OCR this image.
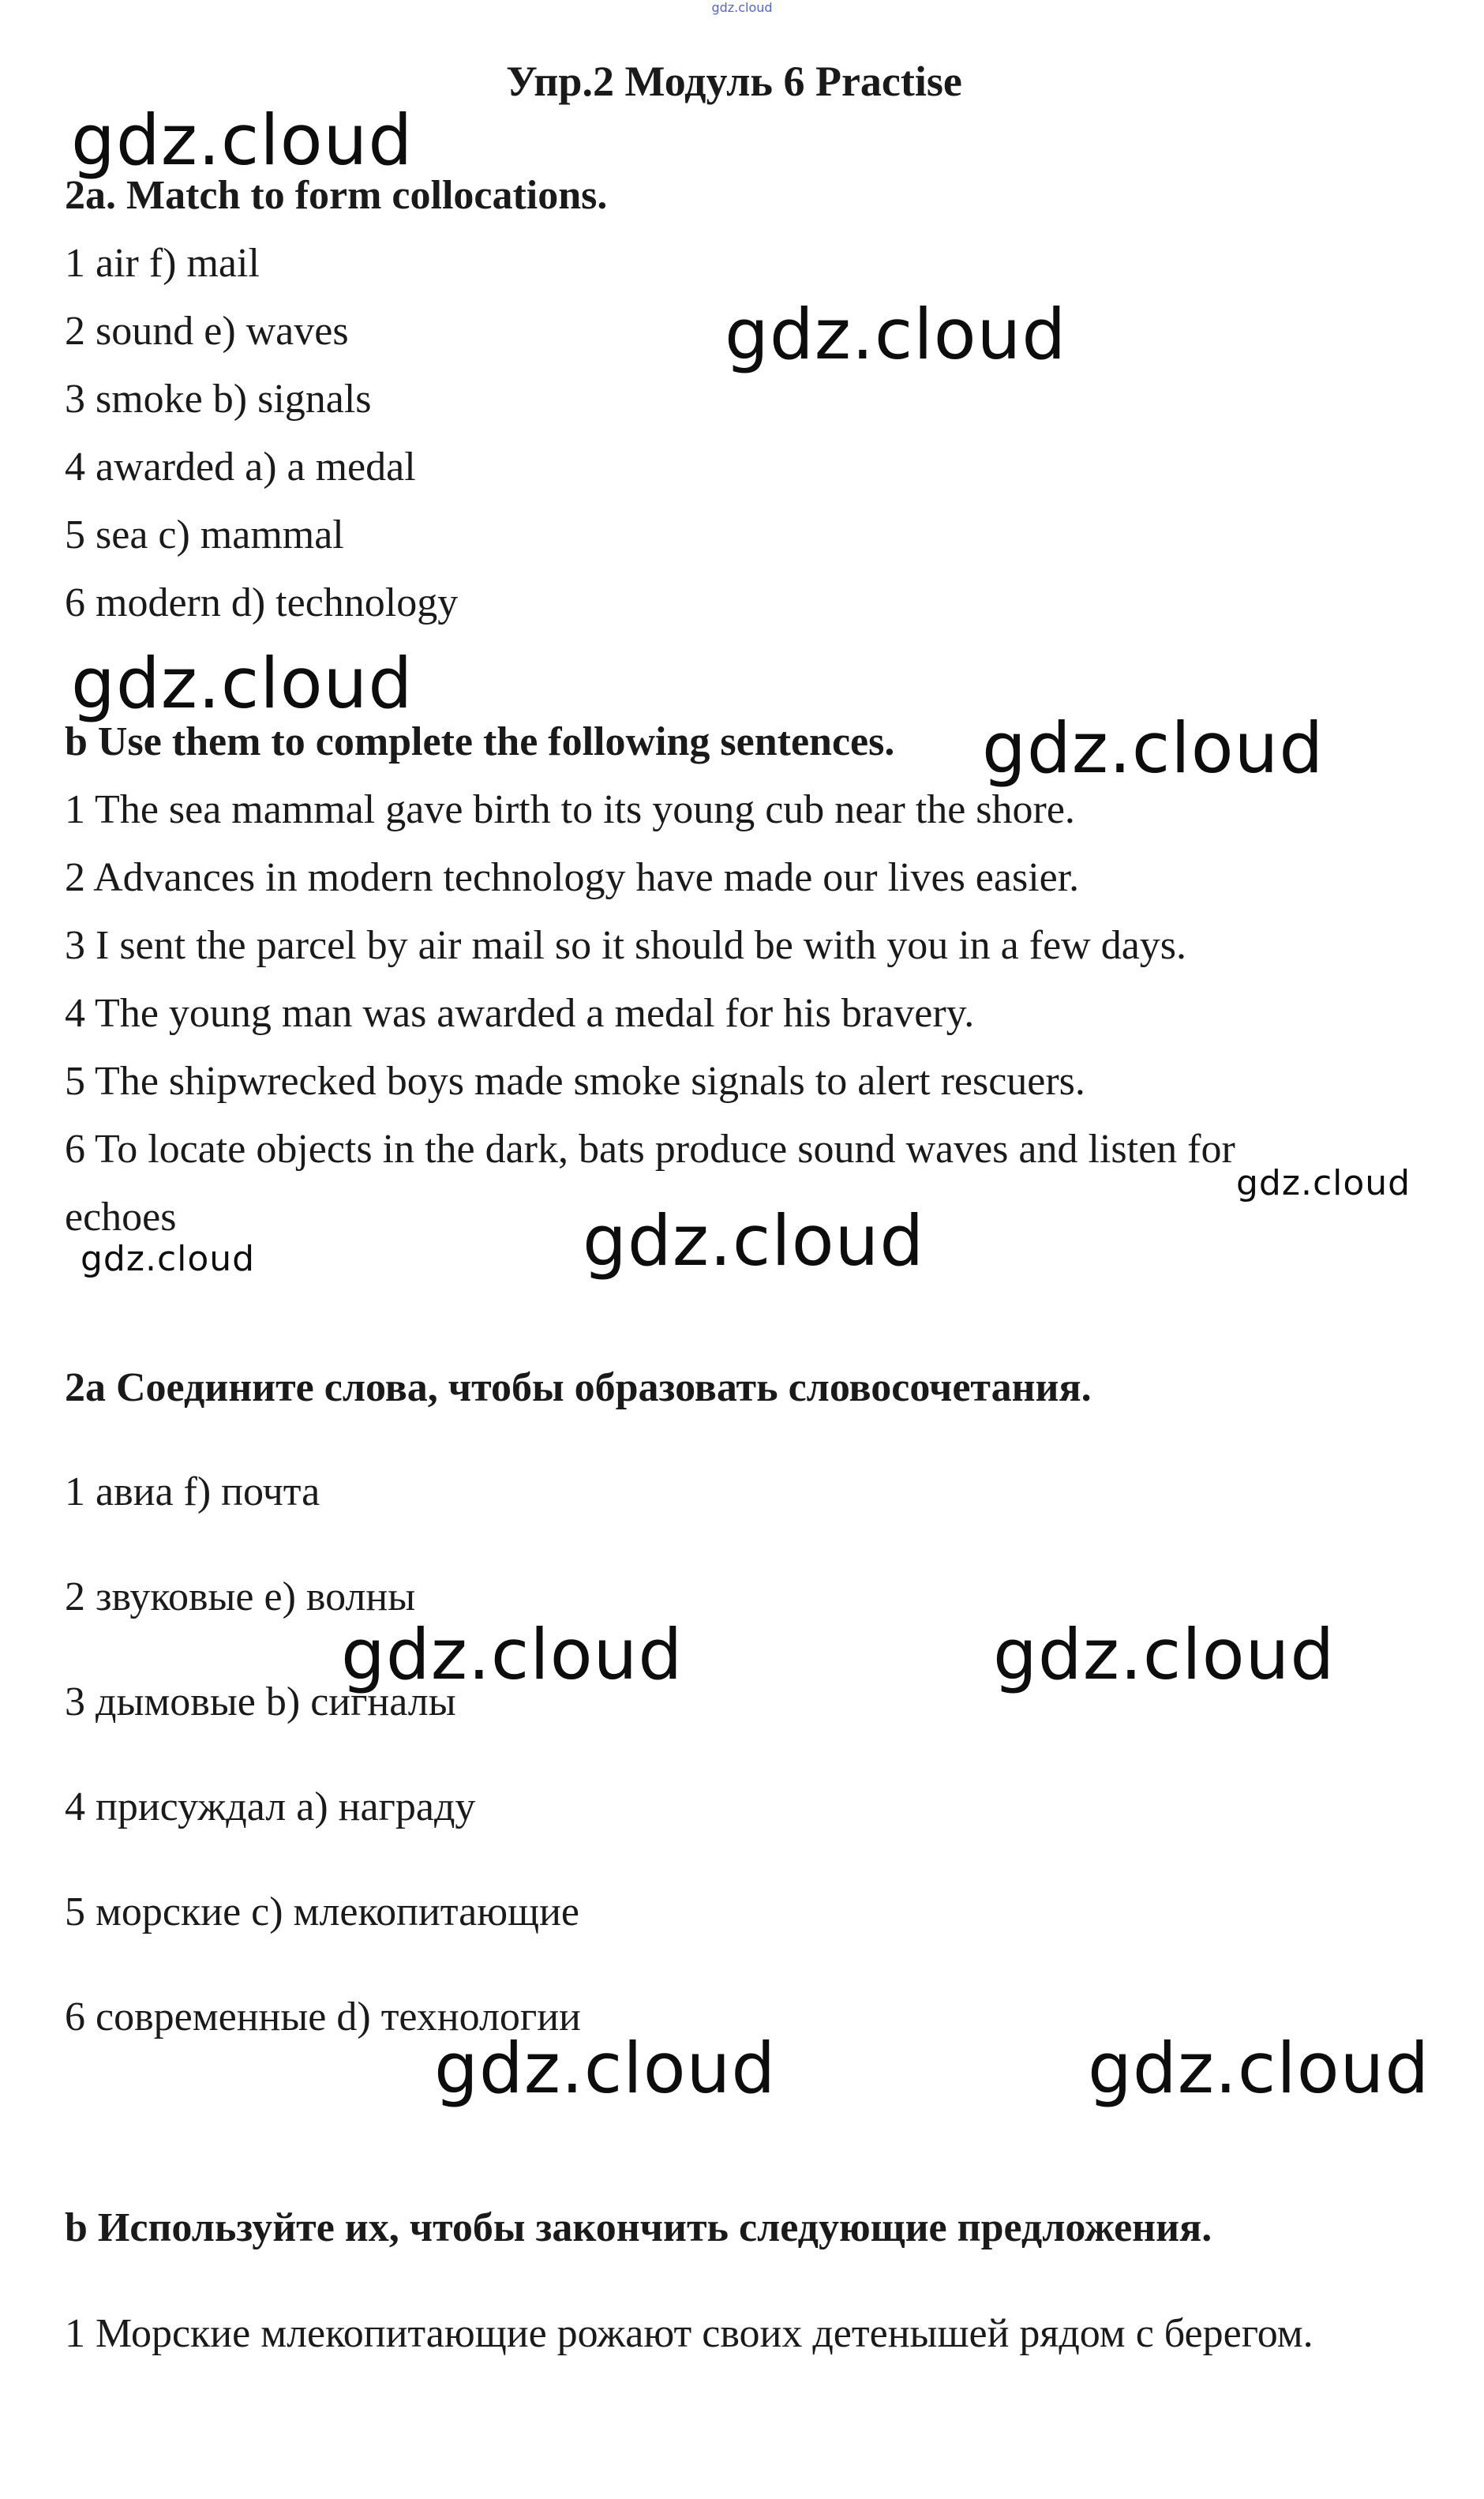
gdz.cloud
Упр.2 Модуль 6 Practise
2a. Match to form collocations.
1 air f) mail
2 sound e) waves
3 smoke b) signals
4 awarded a) a medal
5 sea c) mammal
6 modern d) technology
b Use them to complete the following sentences.
1 The sea mammal gave birth to its young cub near the shore.
2 Advances in modern technology have made our lives easier.
3 I sent the parcel by air mail so it should be with you in a few days.
4 The young man was awarded a medal for his bravery.
5 The shipwrecked boys made smoke signals to alert rescuers.
6 To locate objects in the dark, bats produce sound waves and listen for
echoes
2a Соедините слова, чтобы образовать словосочетания.
1 авиа f) почта
2 звуковые e) волны
3 дымовые b) сигналы
4 присуждал a) награду
5 морские c) млекопитающие
6 современные d) технологии
b Используйте их, чтобы закончить следующие предложения.
1 Морские млекопитающие рожают своих детенышей рядом с берегом.
gdz.cloud
gdz.cloud
gdz.cloud
gdz.cloud
gdz.cloud
gdz.cloud
gdz.cloud
gdz.cloud	gdz.cloud
gdz.cloud	gdz.cloud
